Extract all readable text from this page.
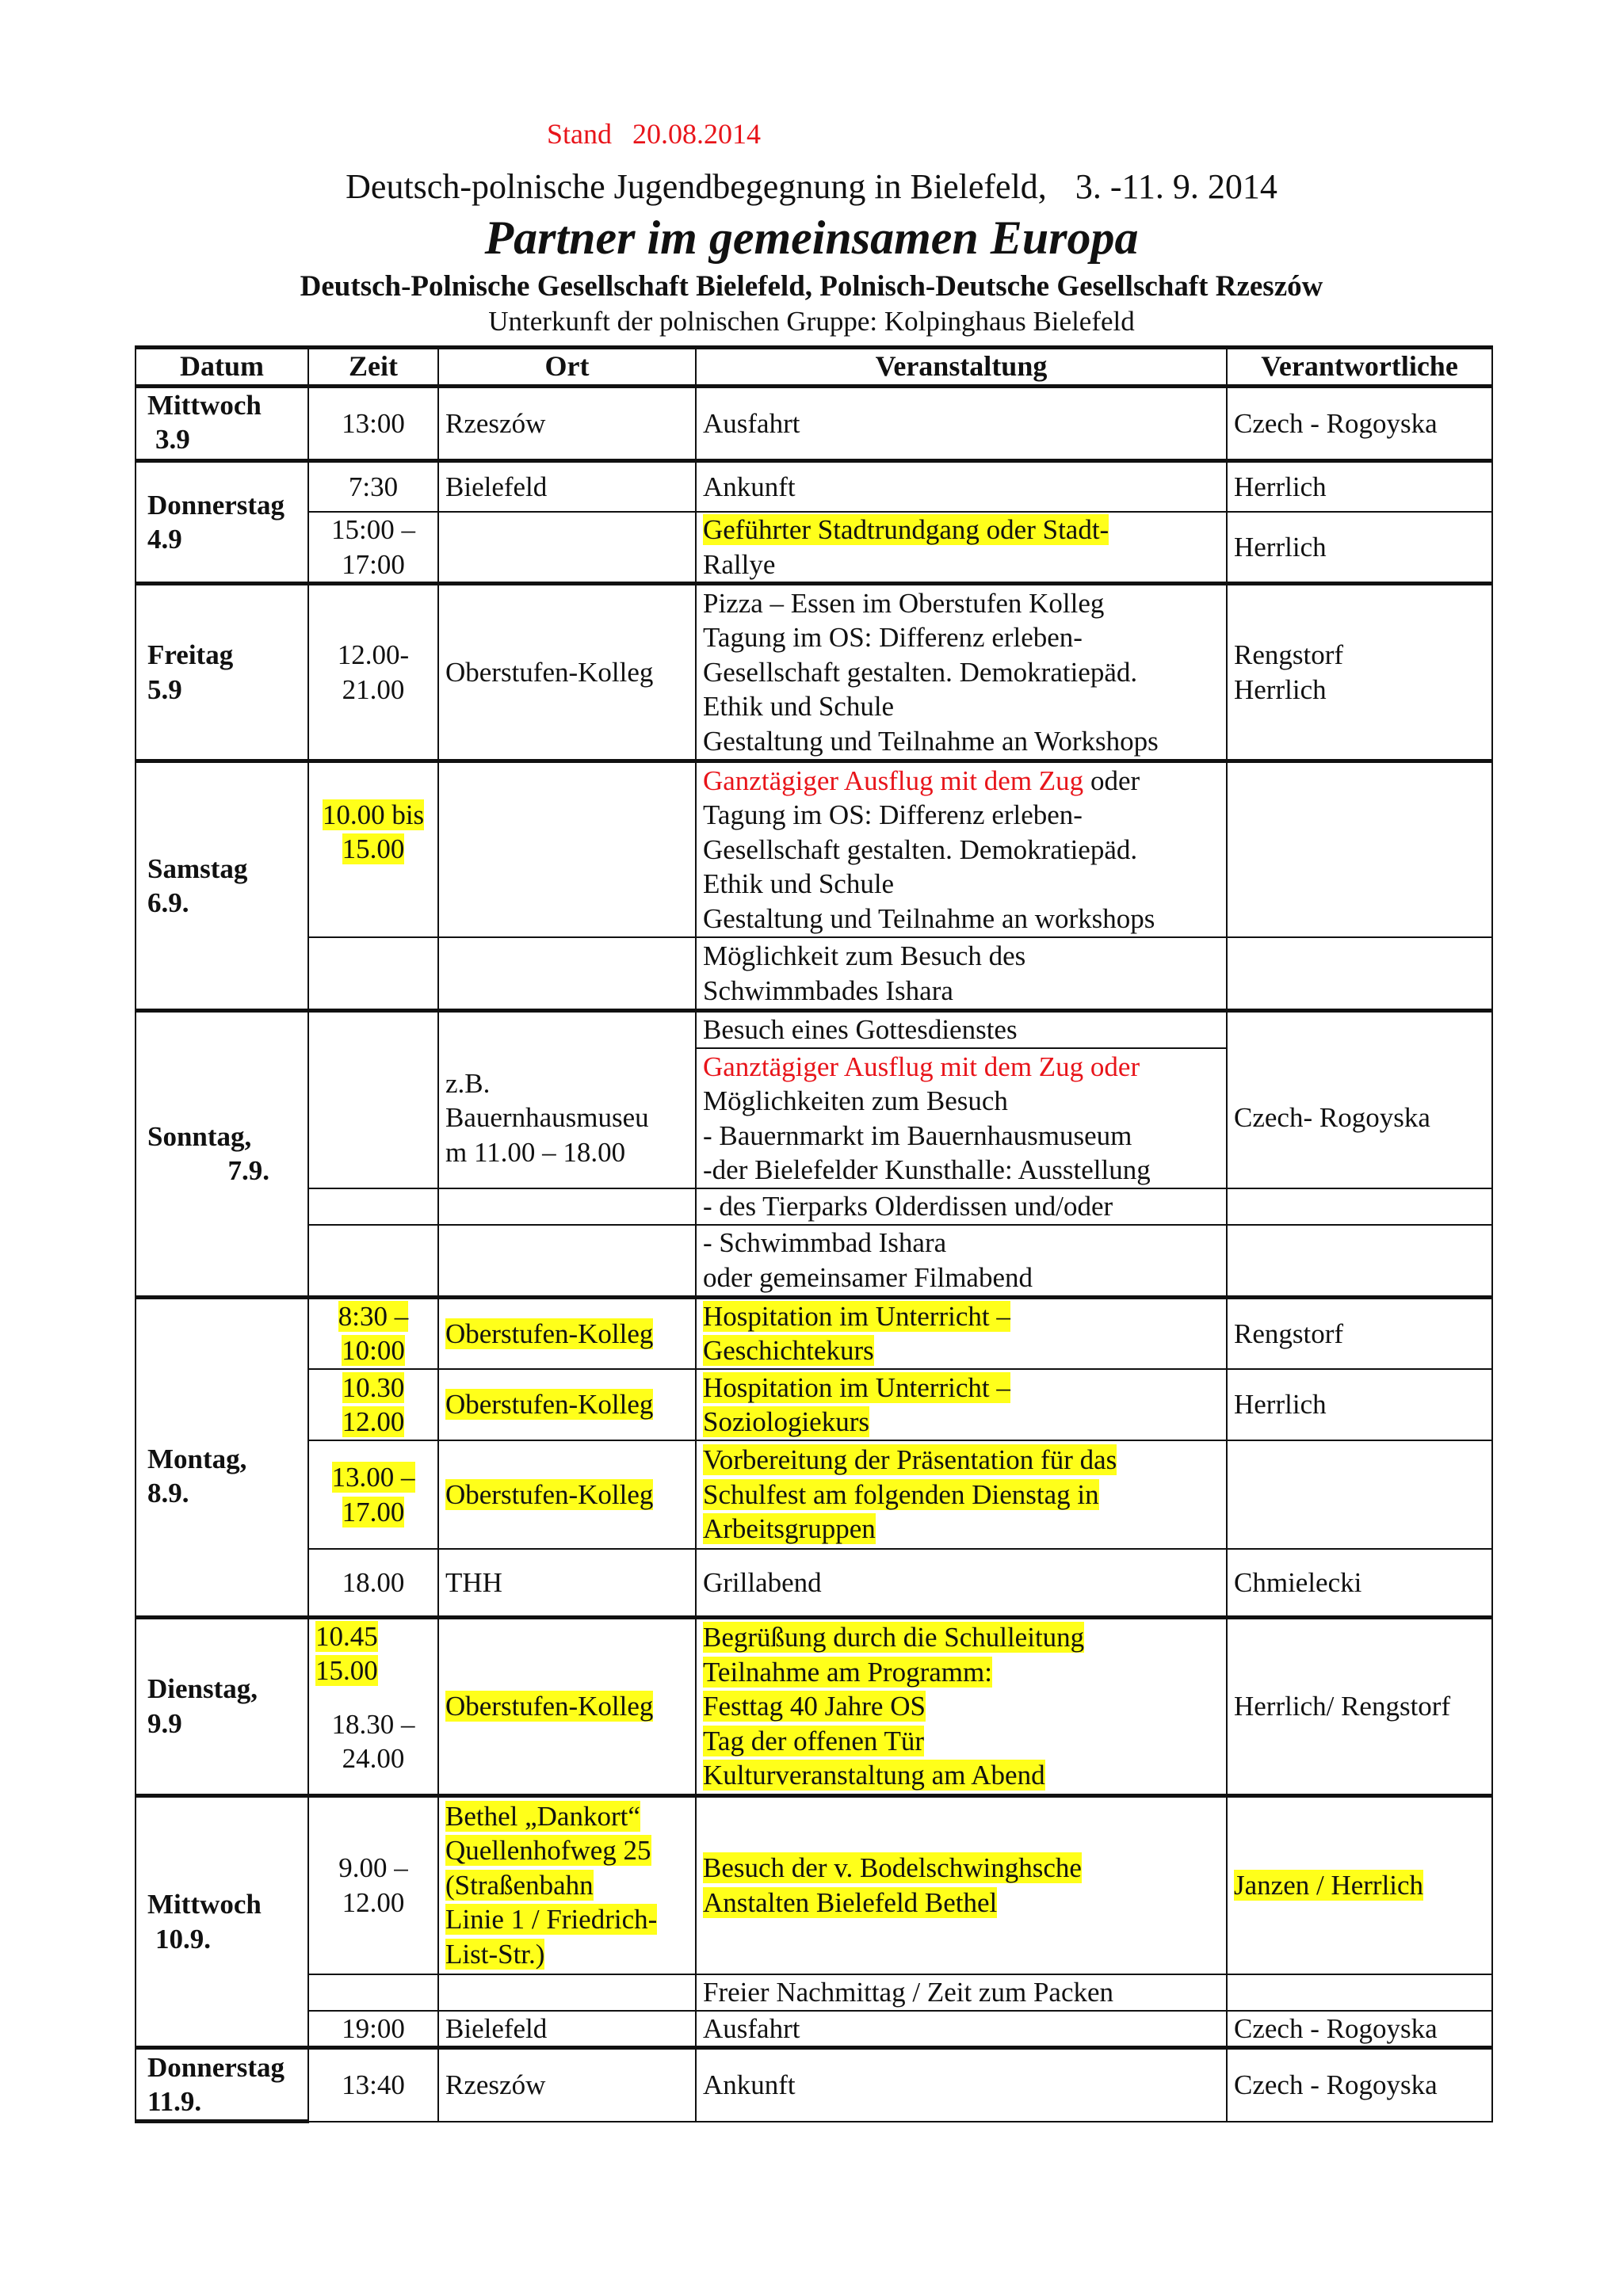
Stand 20.08.2014
Deutsch-polnische Jugendbegegnung in Bielefeld, 3. -11. 9. 2014
Partner im gemeinsamen Europa
Deutsch-Polnische Gesellschaft Bielefeld, Polnisch-Deutsche Gesellschaft Rzeszów
Unterkunft der polnischen Gruppe: Kolpinghaus Bielefeld
Datum	Zeit	Ort	Veranstaltung	Verantwortliche

Mittwoch
3.9	13:00	Rzeszów	Ausfahrt	Czech - Rogoyska

Donnerstag
4.9	7:30	Bielefeld	Ankunft	Herrlich

	15:00 –
17:00		Geführter Stadtrundgang oder Stadt-
Rallye	Herrlich

Freitag
5.9	12.00-
21.00	Oberstufen-Kolleg	Pizza – Essen im Oberstufen Kolleg
Tagung im OS: Differenz erleben-
Gesellschaft gestalten. Demokratiepäd.
Ethik und Schule
Gestaltung und Teilnahme an Workshops	Rengstorf
Herrlich

Samstag
6.9.	10.00 bis
15.00		Ganztägiger Ausflug mit dem Zug oder
Tagung im OS: Differenz erleben-
Gesellschaft gestalten. Demokratiepäd.
Ethik und Schule
Gestaltung und Teilnahme an workshops	

			Möglichkeit zum Besuch des
Schwimmbades Ishara	

Sonntag,
7.9.			Besuch eines Gottesdienstes	

		z.B.
Bauernhausmuseu
m 11.00 – 18.00	Ganztägiger Ausflug mit dem Zug oder
Möglichkeiten zum Besuch
- Bauernmarkt im Bauernhausmuseum
-der Bielefelder Kunsthalle: Ausstellung	Czech- Rogoyska
			- des Tierparks Olderdissen und/oder	

			- Schwimmbad Ishara
oder gemeinsamer Filmabend	

Montag,
8.9.	8:30 –
10:00	Oberstufen-Kolleg	Hospitation im Unterricht –
Geschichtekurs	Rengstorf
	10.30
12.00	Oberstufen-Kolleg	Hospitation im Unterricht –
Soziologiekurs	Herrlich
	13.00 –
17.00	Oberstufen-Kolleg	Vorbereitung der Präsentation für das
Schulfest am folgenden Dienstag in
Arbeitsgruppen	
	18.00	THH	Grillabend	Chmielecki

Dienstag,
9.9	10.45
15.00
18.30 –
24.00	Oberstufen-Kolleg	Begrüßung durch die Schulleitung
Teilnahme am Programm:
Festtag 40 Jahre OS
Tag der offenen Tür
Kulturveranstaltung am Abend	Herrlich/ Rengstorf

Mittwoch
10.9.	9.00 –
12.00	Bethel „Dankort“
Quellenhofweg 25
(Straßenbahn
Linie 1 / Friedrich-
List-Str.)	Besuch der v. Bodelschwinghsche
Anstalten Bielefeld Bethel	Janzen / Herrlich
			Freier Nachmittag / Zeit zum Packen	
	19:00	Bielefeld	Ausfahrt	Czech - Rogoyska

Donnerstag
11.9.	13:40	Rzeszów	Ankunft	Czech - Rogoyska
